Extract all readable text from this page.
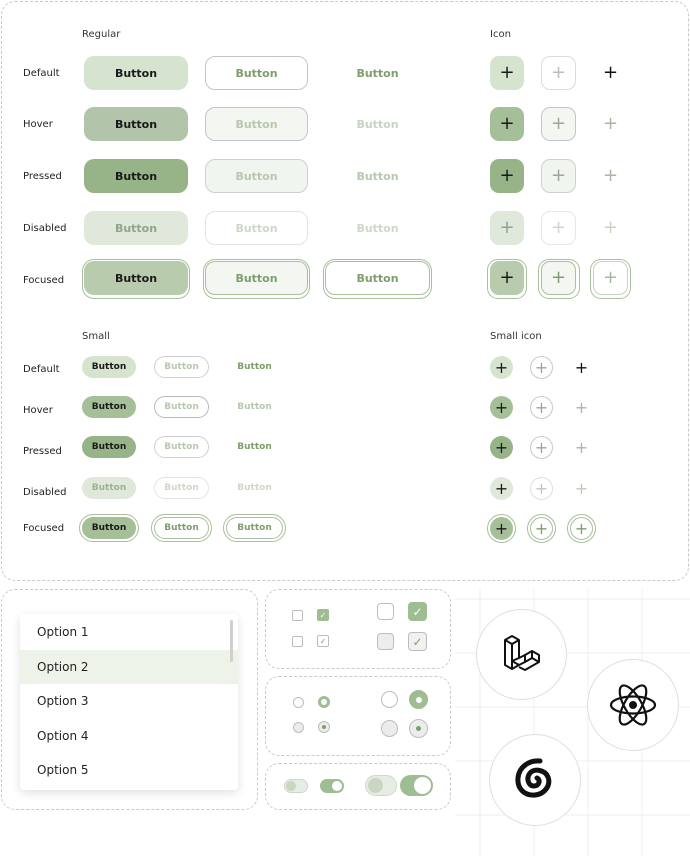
Regular	Icon
Default	Button	Button	Button	+ + +
Hover	Button	Button	Button	+ + +
Pressed	Button	Button	Button	+ + +
Disabled	Button	Button	Button	+ + +
Focused	Button	Button	Button	+ + +
Small	Small icon
Default	Button	Button	Button	+ + +
Hover	Button	Button	Button	+ + +
Pressed	Button	Button	Button	+ + +
Disabled	Button	Button	Button	+ + +
Focused	Button	Button	Button	+ + +
Option 1
Option 2
Option 3
Option 4
Option 5
✓
✓
✓
✓
